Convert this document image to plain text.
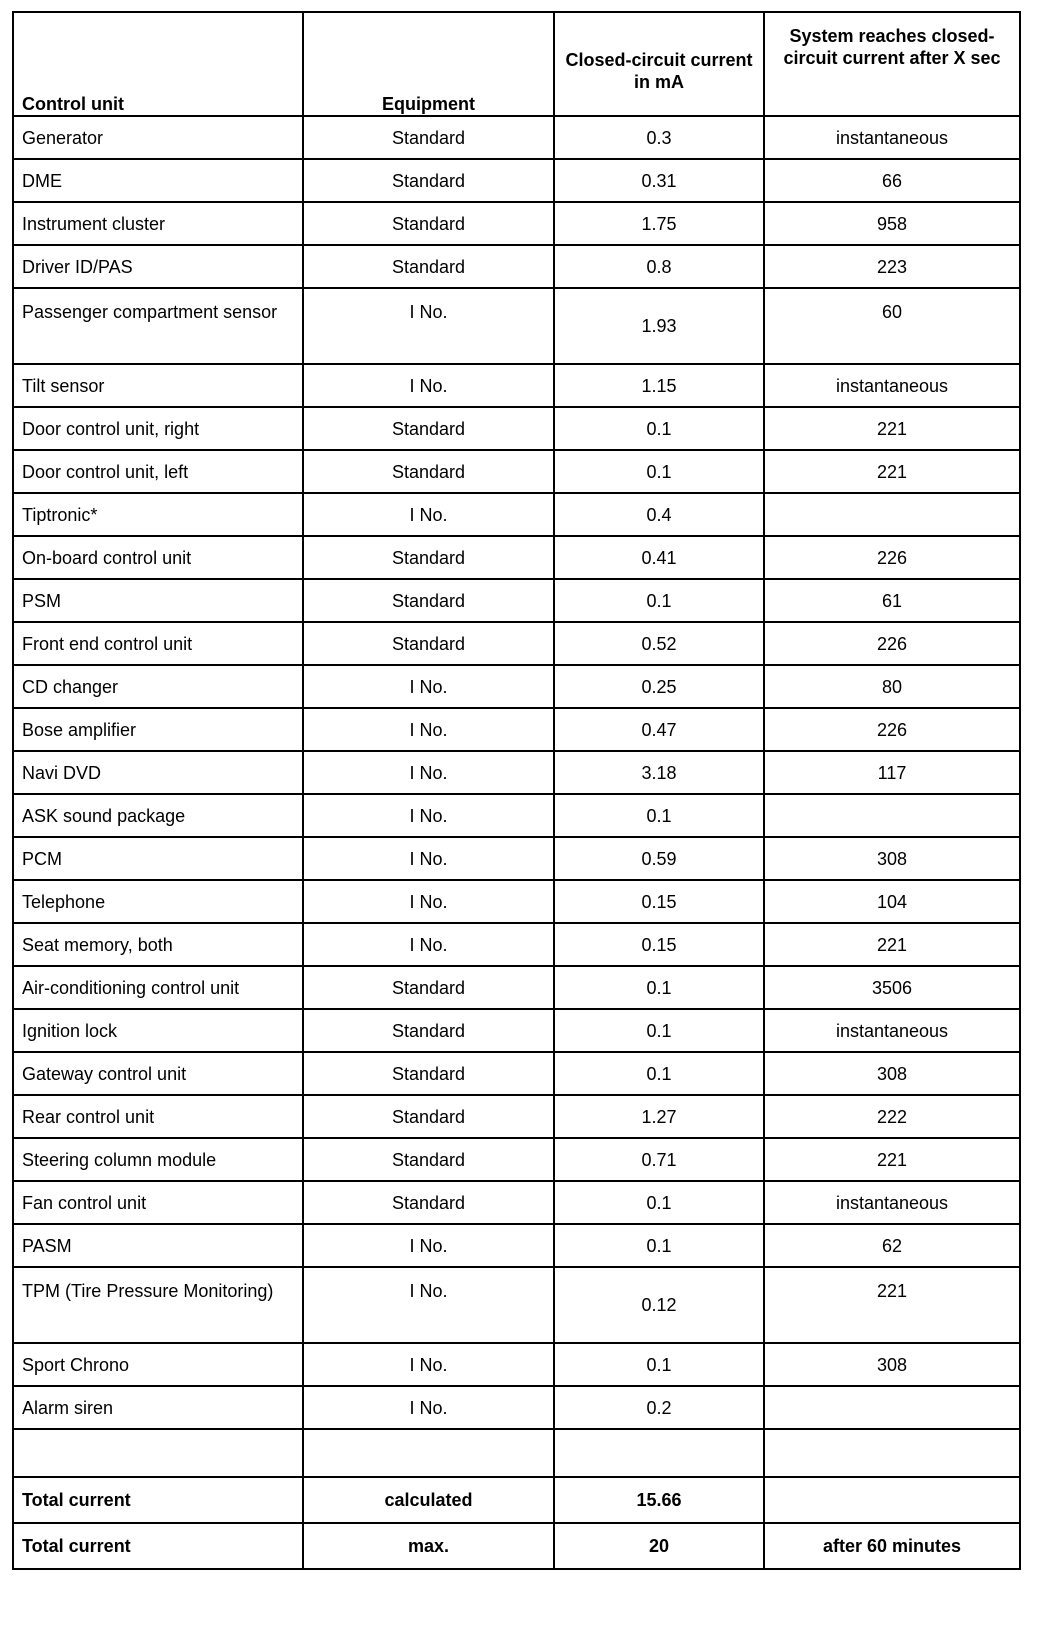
Control unit	Equipment	Closed-circuit current in mA	System reaches closed-circuit current after X sec
Generator	Standard	0.3	instantaneous
DME	Standard	0.31	66
Instrument cluster	Standard	1.75	958
Driver ID/PAS	Standard	0.8	223
Passenger compartment sensor	I No.	1.93	60
Tilt sensor	I No.	1.15	instantaneous
Door control unit, right	Standard	0.1	221
Door control unit, left	Standard	0.1	221
Tiptronic*	I No.	0.4	
On-board control unit	Standard	0.41	226
PSM	Standard	0.1	61
Front end control unit	Standard	0.52	226
CD changer	I No.	0.25	80
Bose amplifier	I No.	0.47	226
Navi DVD	I No.	3.18	117
ASK sound package	I No.	0.1	
PCM	I No.	0.59	308
Telephone	I No.	0.15	104
Seat memory, both	I No.	0.15	221
Air-conditioning control unit	Standard	0.1	3506
Ignition lock	Standard	0.1	instantaneous
Gateway control unit	Standard	0.1	308
Rear control unit	Standard	1.27	222
Steering column module	Standard	0.71	221
Fan control unit	Standard	0.1	instantaneous
PASM	I No.	0.1	62
TPM (Tire Pressure Monitoring)	I No.	0.12	221
Sport Chrono	I No.	0.1	308
Alarm siren	I No.	0.2	

Total current	calculated	15.66	
Total current	max.	20	after 60 minutes
